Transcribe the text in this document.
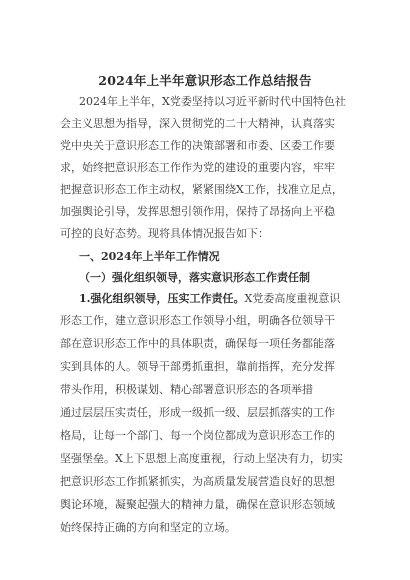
2024年上半年意识形态工作总结报告
2024年上半年，X党委坚持以习近平新时代中国特色社
会主义思想为指导，深入贯彻党的二十大精神，认真落实
党中央关于意识形态工作的决策部署和市委、区委工作要
求，始终把意识形态工作作为党的建设的重要内容，牢牢
把握意识形态工作主动权，紧紧围绕X工作，找准立足点，
加强舆论引导，发挥思想引领作用，保持了昂扬向上平稳
可控的良好态势。现将具体情况报告如下：
一、2024年上半年工作情况
（一）强化组织领导，落实意识形态工作责任制
1.强化组织领导，压实工作责任。X党委高度重视意识
形态工作，建立意识形态工作领导小组，明确各位领导干
部在意识形态工作中的具体职责，确保每一项任务都能落
实到具体的人。领导干部勇抓重担，靠前指挥，充分发挥
带头作用，积极谋划、精心部署意识形态的各项举措
通过层层压实责任，形成一级抓一级、层层抓落实的工作
格局，让每一个部门、每一个岗位都成为意识形态工作的
坚强堡垒。X上下思想上高度重视，行动上坚决有力，切实
把意识形态工作抓紧抓实，为高质量发展营造良好的思想
舆论环境，凝聚起强大的精神力量，确保在意识形态领域
始终保持正确的方向和坚定的立场。
